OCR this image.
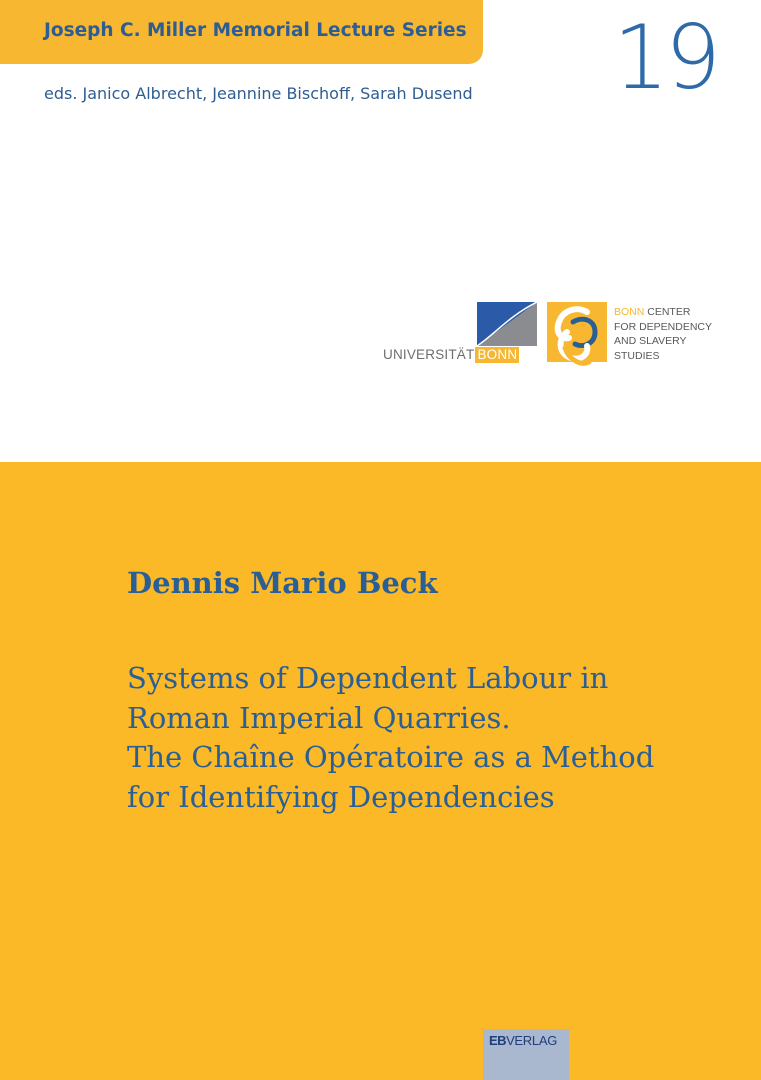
Joseph C. Miller Memorial Lecture Series
eds. Janico Albrecht, Jeannine Bischoff, Sarah Dusend 19
UNIVERSITÄT BONN
BONN CENTER
FOR DEPENDENCY
AND SLAVERY
STUDIES
Dennis Mario Beck
Systems of Dependent Labour in
Roman Imperial Quarries.
The Chaîne Opératoire as a Method
for Identifying Dependencies
EBVERLAG
